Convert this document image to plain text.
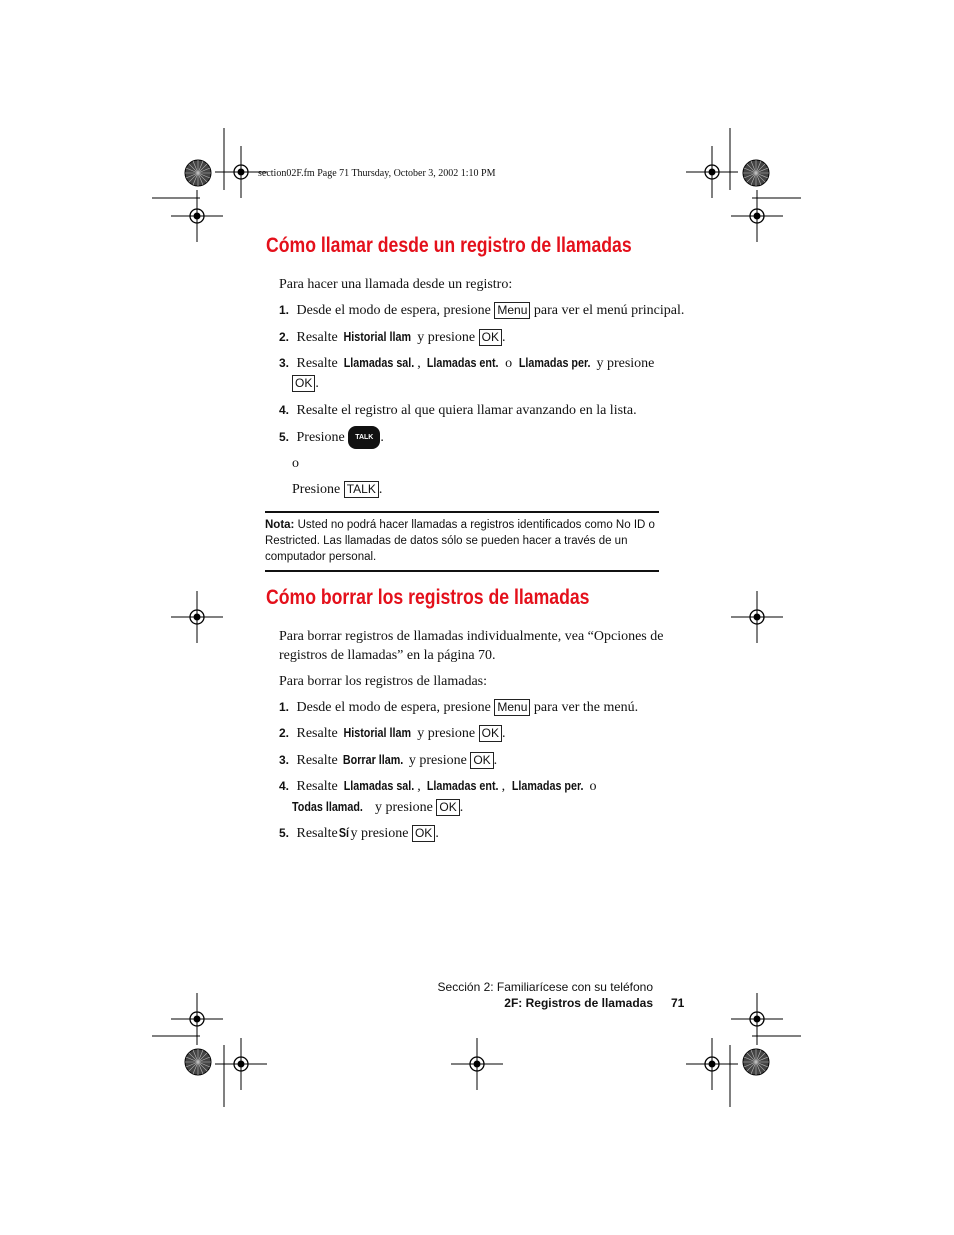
section02F.fm Page 71 Thursday, October 3, 2002 1:10 PM
Cómo llamar desde un registro de llamadas
Para hacer una llamada desde un registro:
1. Desde el modo de espera, presione Menu para ver el menú principal.
2. Resalte Historial llam y presione OK .
3. Resalte Llamadas sal. , Llamadas ent. o Llamadas per. y presione
OK .
4. Resalte el registro al que quiera llamar avanzando en la lista.
5. Presione TALK .
o
Presione TALK .
Nota: Usted no podrá hacer llamadas a registros identificados como No ID o Restricted. Las llamadas de datos sólo se pueden hacer a través de un computador personal.
Cómo borrar los registros de llamadas
Para borrar registros de llamadas individualmente, vea “Opciones de
registros de llamadas” en la página 70.
Para borrar los registros de llamadas:
1. Desde el modo de espera, presione Menu para ver the menú.
2. Resalte Historial llam y presione OK .
3. Resalte Borrar llam. y presione OK .
4. Resalte Llamadas sal. , Llamadas ent. , Llamadas per. o
Todas llamad. y presione OK .
5. Resalte Sí y presione OK .
Sección 2: Familiarícese con su teléfono
2F: Registros de llamadas 71
